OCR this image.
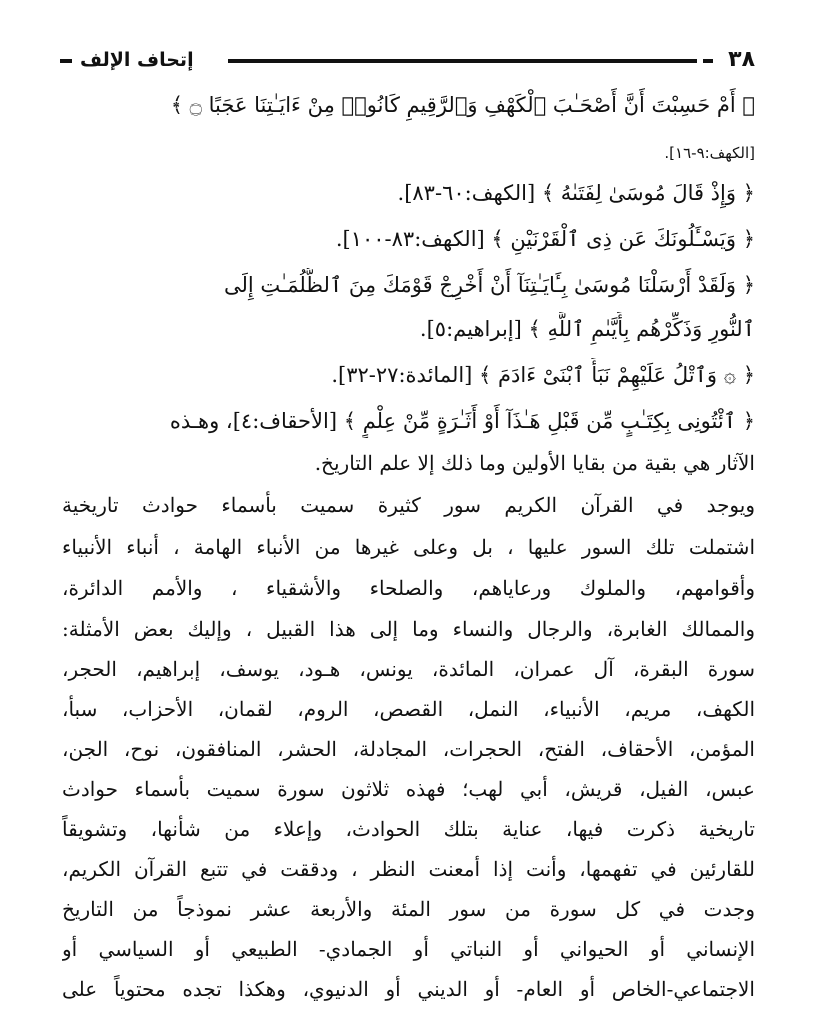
٣٨
إتحاف الإلف
﴿ أَمْ حَسِبْتَ أَنَّ أَصْحَـٰبَ ٱلْكَهْفِ وَٱلرَّقِيمِ كَانُوا۟ مِنْ ءَايَـٰتِنَا عَجَبًا ۝ ﴾
[الكهف:٩-١٦].
﴿ وَإِذْ قَالَ مُوسَىٰ لِفَتَىٰهُ ﴾ [الكهف:٦٠-٨٣].
﴿ وَيَسْـَٔلُونَكَ عَن ذِى ٱلْقَرْنَيْنِ ﴾ [الكهف:٨٣-١٠٠].
﴿ وَلَقَدْ أَرْسَلْنَا مُوسَىٰ بِـَٔايَـٰتِنَآ أَنْ أَخْرِجْ قَوْمَكَ مِنَ ٱلظُّلُمَـٰتِ إِلَى
ٱلنُّورِ وَذَكِّرْهُم بِأَيَّىٰمِ ٱللَّهِ ﴾ [إبراهيم:٥].
﴿ ۞ وَٱتْلُ عَلَيْهِمْ نَبَأَ ٱبْنَىْ ءَادَمَ ﴾ [المائدة:٢٧-٣٢].
﴿ ٱئْتُونِى بِكِتَـٰبٍ مِّن قَبْلِ هَـٰذَآ أَوْ أَثَـٰرَةٍ مِّنْ عِلْمٍ ﴾ [الأحقاف:٤]، وهـذه
الآثار هي بقية من بقايا الأولين وما ذلك إلا علم التاريخ.
ويوجد في القرآن الكريم سور كثيرة سميت بأسماء حوادث تاريخية
اشتملت تلك السور عليها ، بل وعلى غيرها من الأنباء الهامة ، أنباء الأنبياء
وأقوامهم، والملوك ورعاياهم، والصلحاء والأشقياء ، والأمم الدائرة،
والممالك الغابرة، والرجال والنساء وما إلى هذا القبيل ، وإليك بعض الأمثلة:
سورة البقرة، آل عمران، المائدة، يونس، هـود، يوسف، إبراهيم، الحجر،
الكهف، مريم، الأنبياء، النمل، القصص، الروم، لقمان، الأحزاب، سبأ،
المؤمن، الأحقاف، الفتح، الحجرات، المجادلة، الحشر، المنافقون، نوح، الجن،
عبس، الفيل، قريش، أبي لهب؛ فهذه ثلاثون سورة سميت بأسماء حوادث
تاريخية ذكرت فيها، عناية بتلك الحوادث، وإعلاء من شأنها، وتشويقاً
للقارئين في تفهمها، وأنت إذا أمعنت النظر ، ودققت في تتبع القرآن الكريم،
وجدت في كل سورة من سور المئة والأربعة عشر نموذجاً من التاريخ
الإنساني أو الحيواني أو النباتي أو الجمادي- الطبيعي أو السياسي أو
الاجتماعي-الخاص أو العام- أو الديني أو الدنيوي، وهكذا تجده محتوياً على
